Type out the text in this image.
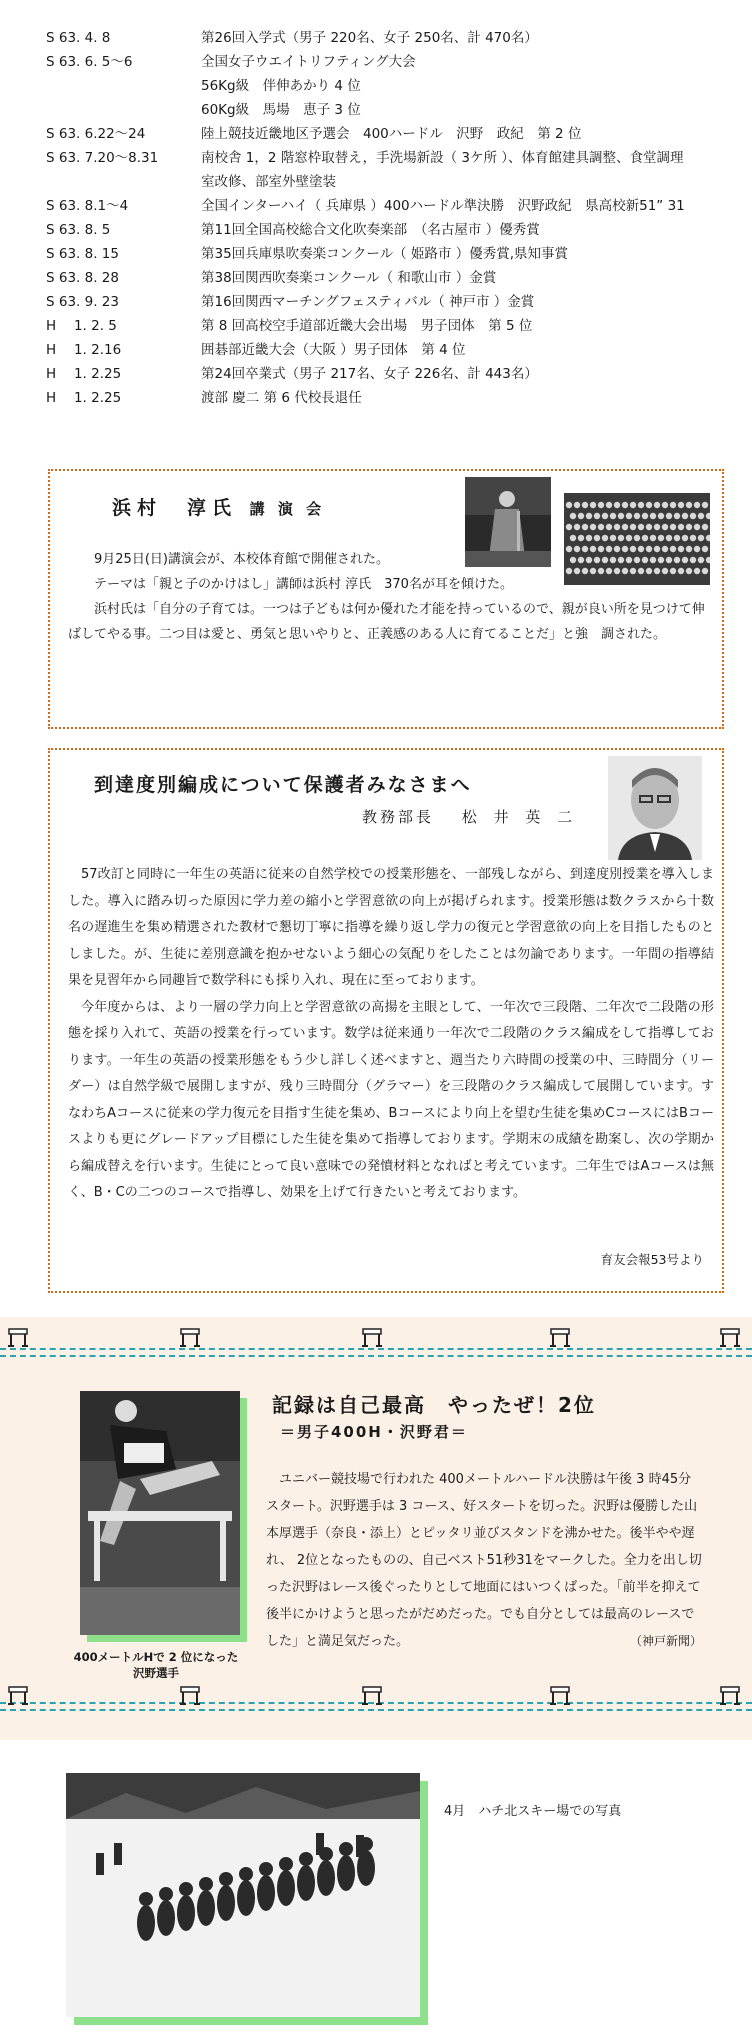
S 63. 4. 8	第26回入学式（男子 220名、女子 250名、計 470名）
S 63. 6. 5〜6	全国女子ウエイトリフティング大会
56Kg級　伴伸あかり 4 位
60Kg級　馬場　恵子 3 位
S 63. 6.22〜24	陸上競技近畿地区予選会　400ハードル　沢野　政紀　第 2 位
S 63. 7.20〜8.31	南校舎 1，2 階窓枠取替え，手洗場新設（ 3ケ所 ）、体育館建具調整、食堂調理
室改修、部室外壁塗装
S 63. 8.1〜4	全国インターハイ（ 兵庫県 ）400ハードル準決勝　沢野政紀　県高校新51” 31
S 63. 8. 5	第11回全国高校総合文化吹奏楽部　（名古屋市 ）優秀賞
S 63. 8. 15	第35回兵庫県吹奏楽コンクール（ 姫路市 ）優秀賞,県知事賞
S 63. 8. 28	第38回関西吹奏楽コンクール（ 和歌山市 ）金賞
S 63. 9. 23	第16回関西マーチングフェスティバル（ 神戸市 ）金賞
H 　1. 2. 5	第 8 回高校空手道部近畿大会出場　男子団体　第 5 位
H 　1. 2.16	囲碁部近畿大会（大阪 ）男子団体　第 4 位
H 　1. 2.25	第24回卒業式（男子 217名、女子 226名、計 443名）
H 　1. 2.25	渡部 慶二 第 6 代校長退任
浜村　淳氏 講 演 会

9月25日(日)講演会が、本校体育館で開催された。

テーマは「親と子のかけはし」講師は浜村 淳氏　370名が耳を傾けた。

浜村氏は「自分の子育ては。一つは子どもは何か優れた才能を持っているので、親が良い所を見つけて伸ばしてやる事。二つ目は愛と、勇気と思いやりと、正義感のある人に育てることだ」と強　調された。

到達度別編成について保護者みなさまへ
教務部長 松 井 英 二

57改訂と同時に一年生の英語に従来の自然学校での授業形態を、一部残しながら、到達度別授業を導入しました。導入に踏み切った原因に学力差の縮小と学習意欲の向上が掲げられます。授業形態は数クラスから十数名の遅進生を集め精選された教材で懇切丁寧に指導を繰り返し学力の復元と学習意欲の向上を目指したものとしました。が、生徒に差別意識を抱かせないよう細心の気配りをしたことは勿論であります。一年間の指導結果を見習年から同趣旨で数学科にも採り入れ、現在に至っております。

今年度からは、より一層の学力向上と学習意欲の高揚を主眼として、一年次で三段階、二年次で二段階の形態を採り入れて、英語の授業を行っています。数学は従来通り一年次で二段階のクラス編成をして指導しております。一年生の英語の授業形態をもう少し詳しく述べますと、週当たり六時間の授業の中、三時間分（リーダー）は自然学級で展開しますが、残り三時間分（グラマー）を三段階のクラス編成して展開しています。すなわちAコースに従来の学力復元を目指す生徒を集め、Bコースにより向上を望む生徒を集めCコースにはBコースよりも更にグレードアップ目標にした生徒を集めて指導しております。学期末の成績を勘案し、次の学期から編成替えを行います。生徒にとって良い意味での発憤材料となればと考えています。二年生ではAコースは無く、B・Cの二つのコースで指導し、効果を上げて行きたいと考えております。

育友会報53号より
400メートルHで 2 位になった
沢野選手
記録は自己最高　やったぜ！2位
＝男子400H・沢野君＝

ユニバー競技場で行われた 400メートルハードル決勝は午後 3 時45分スタート。沢野選手は 3 コース、好スタートを切った。沢野は優勝した山本厚選手（奈良・添上）とピッタリ並びスタンドを沸かせた。後半やや遅れ、 2位となったものの、自己ベスト51秒31をマークした。全力を出し切った沢野はレース後ぐったりとして地面にはいつくばった。「前半を抑えて後半にかけようと思ったがだめだった。でも自分としては最高のレースでした」と満足気だった。	（神戸新聞）
4月　ハチ北スキー場での写真
